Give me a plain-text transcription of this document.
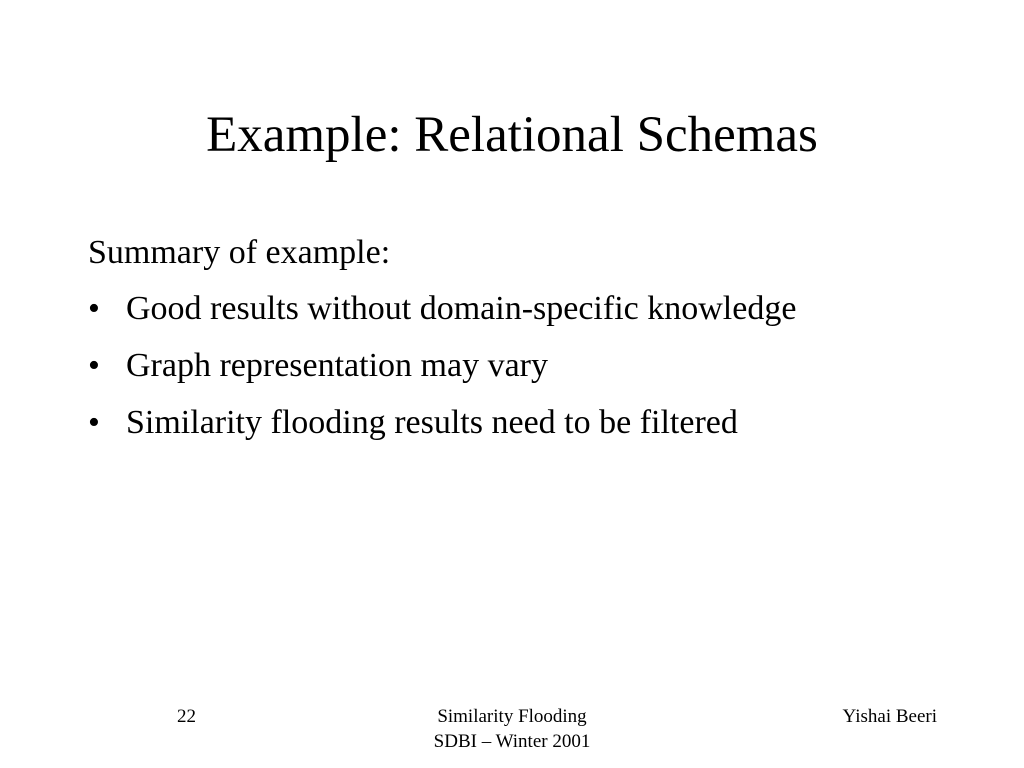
Example: Relational Schemas

Summary of example:

• Good results without domain-specific knowledge
• Graph representation may vary
• Similarity flooding results need to be filtered
22	Similarity Flooding
SDBI – Winter 2001
Yishai Beeri
